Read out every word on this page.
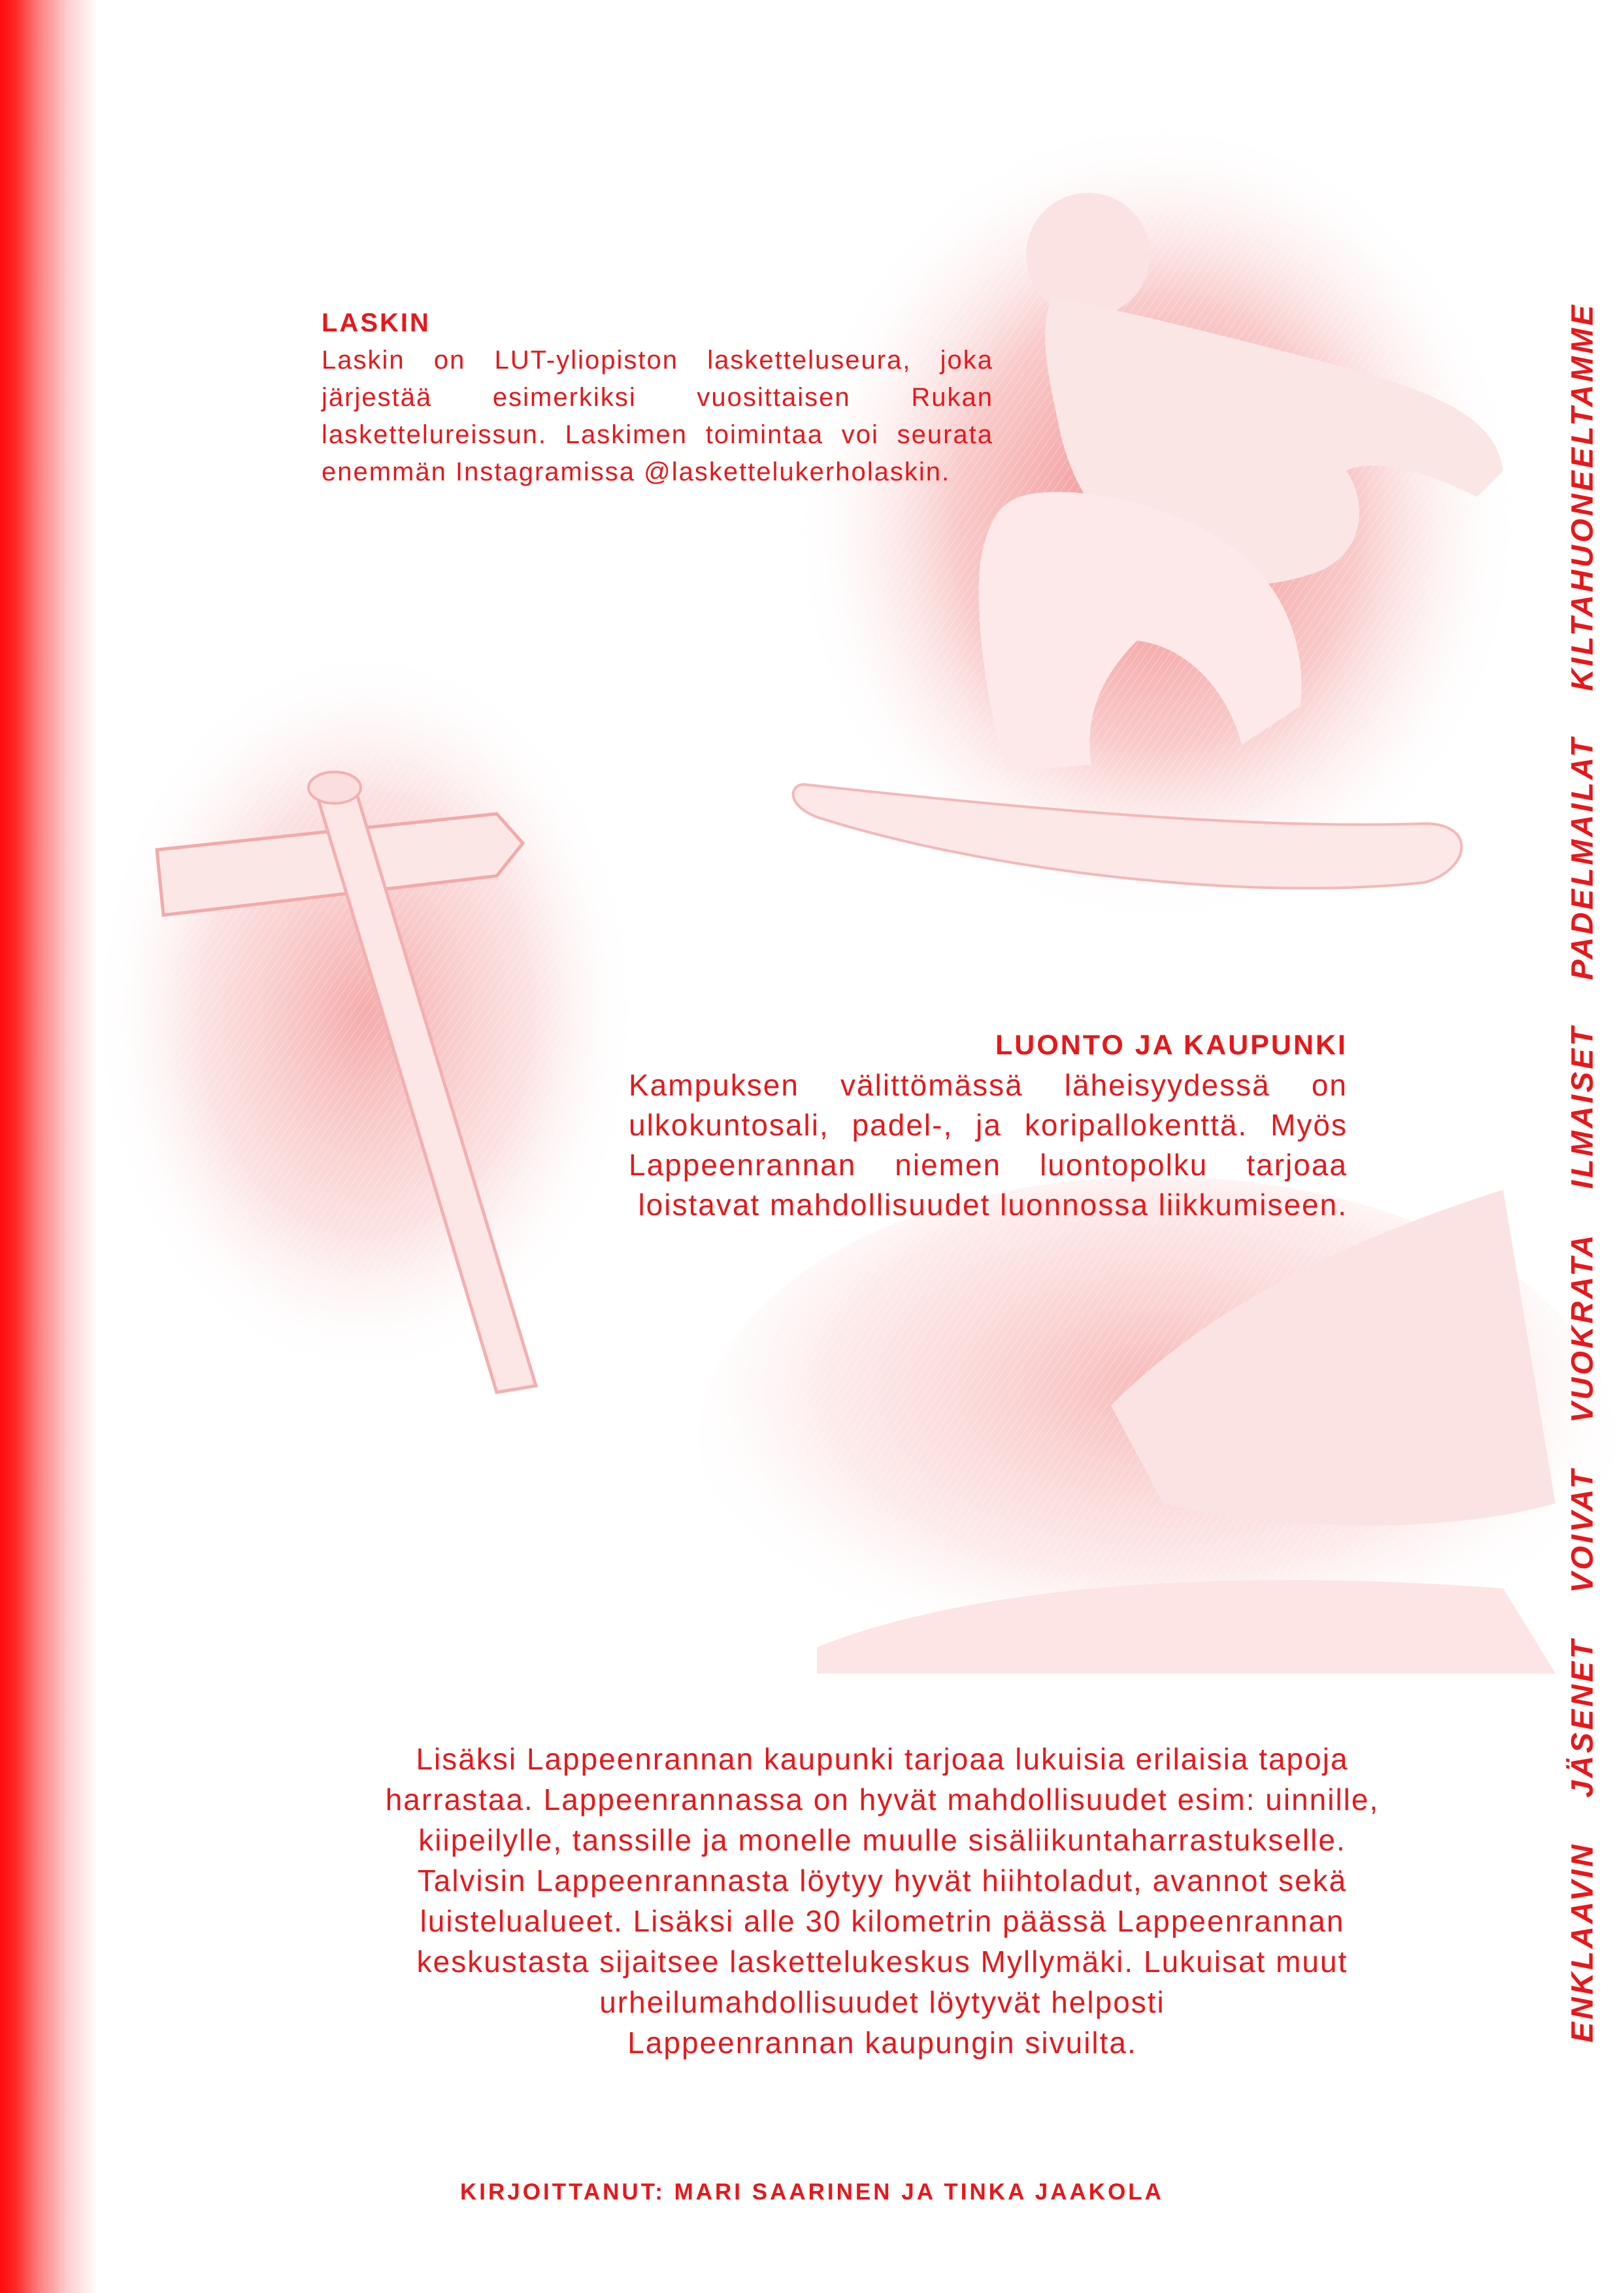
LASKIN

Laskin on LUT-yliopiston lasketteluseura, joka järjestää esimerkiksi vuosittaisen Rukan laskettelureissun. Laskimen toimintaa voi seurata enemmän Instagramissa @laskettelukerholaskin.

LUONTO JA KAUPUNKI

Kampuksen välittömässä läheisyydessä on ulkokuntosali, padel-, ja koripallokenttä. Myös Lappeenrannan niemen luontopolku tarjoaa loistavat mahdollisuudet luonnossa liikkumiseen.

Lisäksi Lappeenrannan kaupunki tarjoaa lukuisia erilaisia tapoja
harrastaa. Lappeenrannassa on hyvät mahdollisuudet esim: uinnille,
kiipeilylle, tanssille ja monelle muulle sisäliikuntaharrastukselle.
Talvisin Lappeenrannasta löytyy hyvät hiihtoladut, avannot sekä
luistelualueet. Lisäksi alle 30 kilometrin päässä Lappeenrannan
keskustasta sijaitsee laskettelukeskus Myllymäki. Lukuisat muut
urheilumahdollisuudet löytyvät helposti
Lappeenrannan kaupungin sivuilta.

KIRJOITTANUT: MARI SAARINEN JA TINKA JAAKOLA

ENKLAAVIN    JÄSENET    VOIVAT    VUOKRATA    ILMAISET    PADELMAILAT    KILTAHUONEELTAMME
